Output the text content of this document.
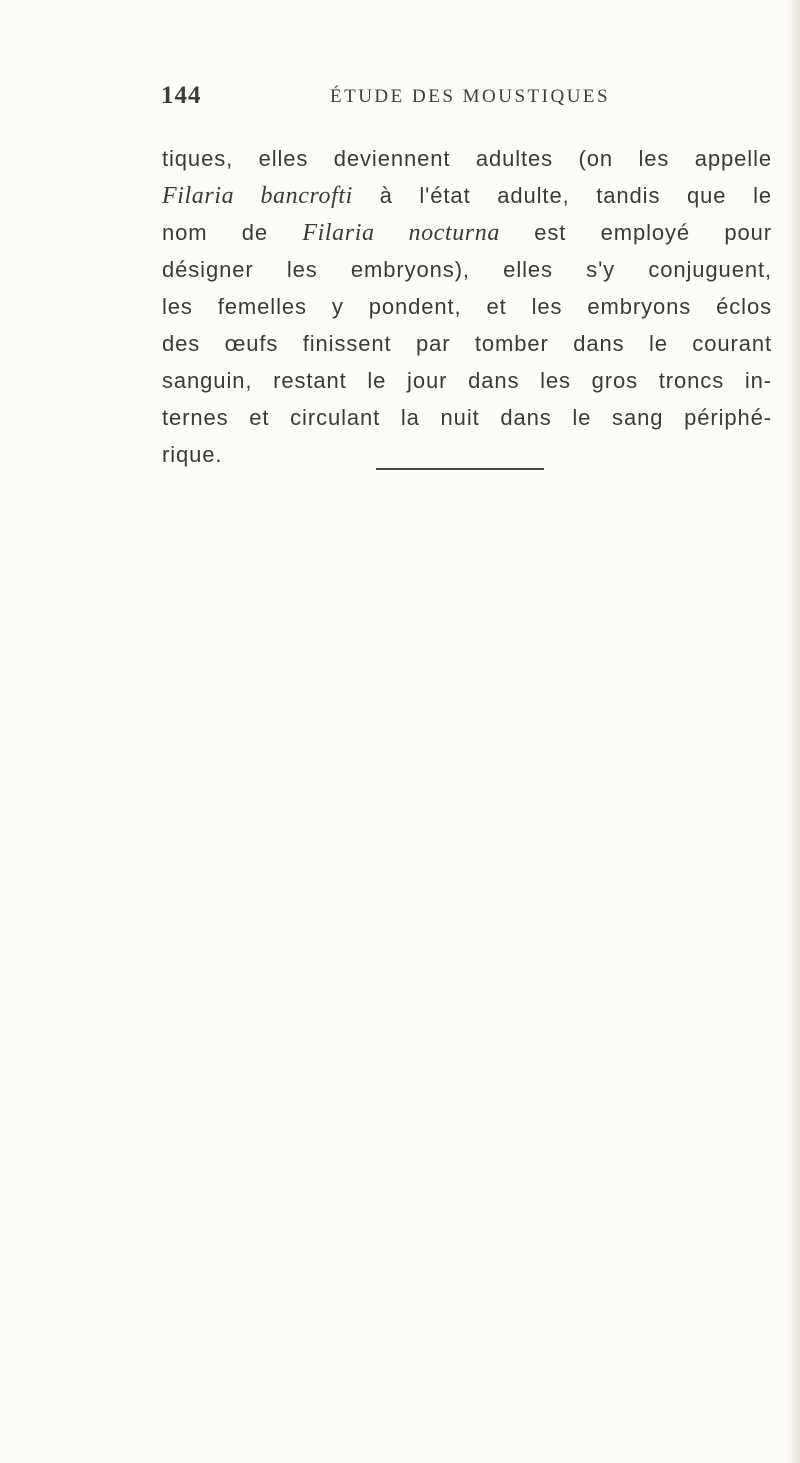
144	ÉTUDE DES MOUSTIQUES
tiques, elles deviennent adultes (on les appelle
Filaria bancrofti à l'état adulte, tandis que le
nom de Filaria nocturna est employé pour
désigner les embryons), elles s'y conjuguent,
les femelles y pondent, et les embryons éclos
des œufs finissent par tomber dans le courant
sanguin, restant le jour dans les gros troncs in-
ternes et circulant la nuit dans le sang périphé-
rique.
